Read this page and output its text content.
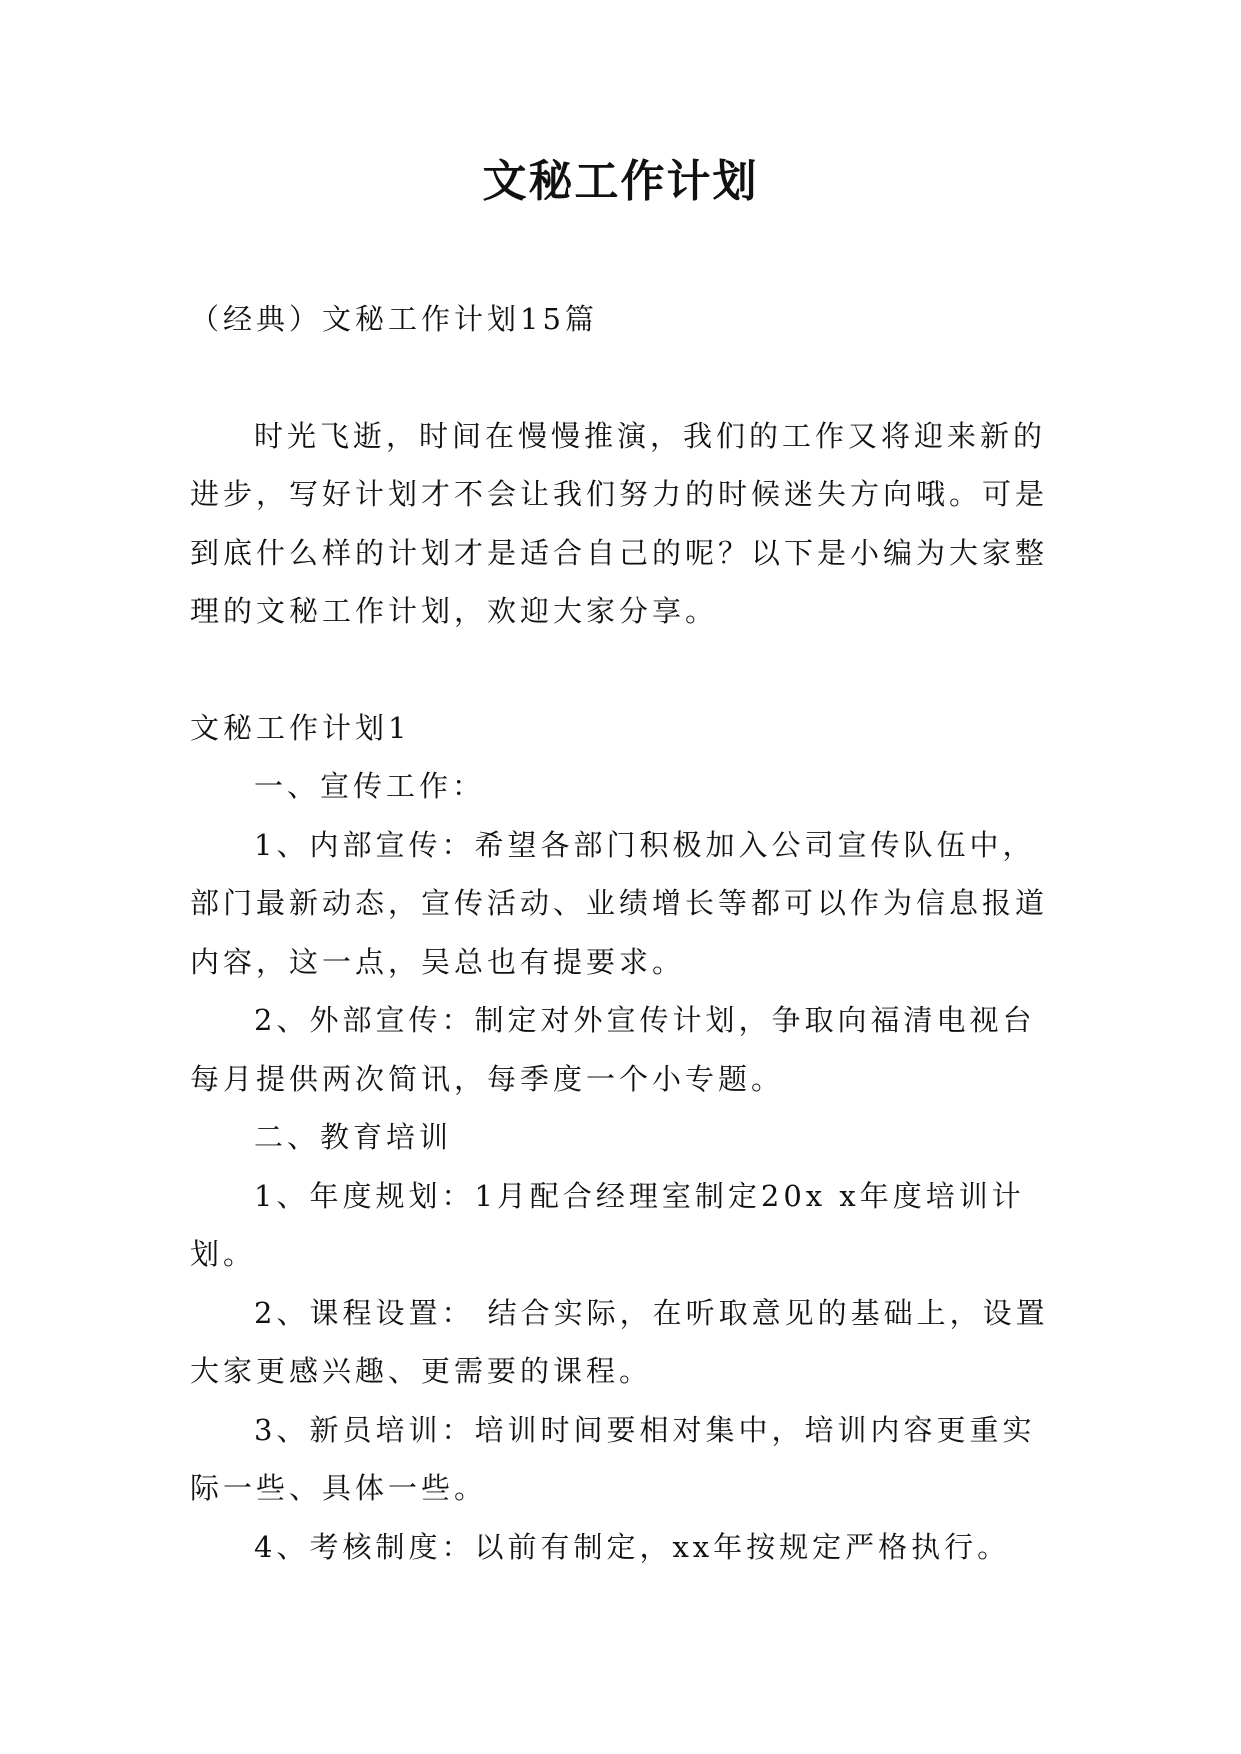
文秘工作计划

（经典）文秘工作计划15篇

时光飞逝，时间在慢慢推演，我们的工作又将迎来新的进步，写好计划才不会让我们努力的时候迷失方向哦。可是到底什么样的计划才是适合自己的呢？以下是小编为大家整理的文秘工作计划，欢迎大家分享。

文秘工作计划1

一、宣传工作：

1、内部宣传：希望各部门积极加入公司宣传队伍中，部门最新动态，宣传活动、业绩增长等都可以作为信息报道内容，这一点，吴总也有提要求。

2、外部宣传：制定对外宣传计划，争取向福清电视台每月提供两次简讯，每季度一个小专题。

二、教育培训

1、年度规划：1月配合经理室制定20x x年度培训计划。

2、课程设置： 结合实际，在听取意见的基础上，设置大家更感兴趣、更需要的课程。

3、新员培训：培训时间要相对集中，培训内容更重实际一些、具体一些。

4、考核制度：以前有制定，xx年按规定严格执行。
